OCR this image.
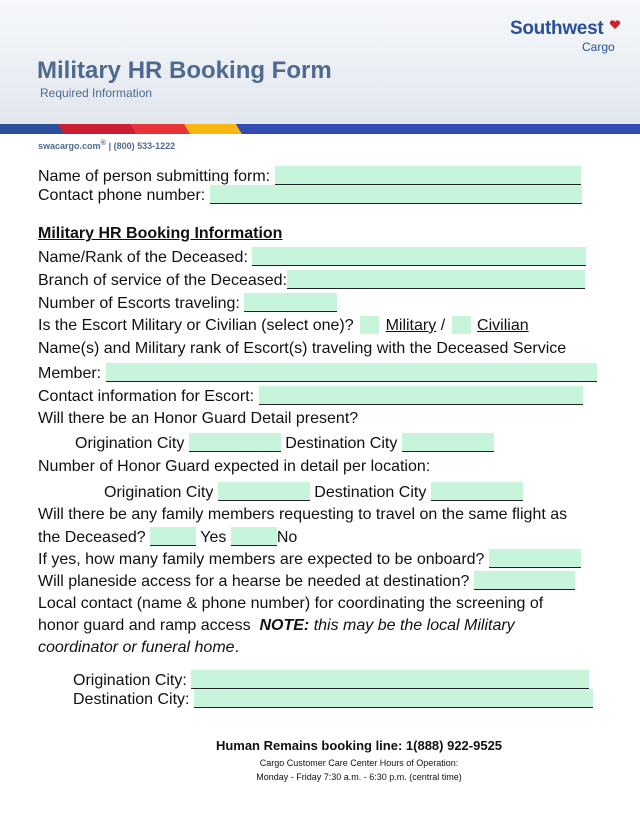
Military HR Booking Form
Required Information
Southwest
Cargo
swacargo.com® | (800) 533-1222
Name of person submitting form:
Contact phone number:
Military HR Booking Information
Name/Rank of the Deceased:
Branch of service of the Deceased:
Number of Escorts traveling:
Is the Escort Military or Civilian (select one)? Military / Civilian
Name(s) and Military rank of Escort(s) traveling with the Deceased Service
Member:
Contact information for Escort:
Will there be an Honor Guard Detail present?
Origination City	Destination City
Number of Honor Guard expected in detail per location:
Origination City	Destination City
Will there be any family members requesting to travel on the same flight as
the Deceased?	Yes	No
If yes, how many family members are expected to be onboard?
Will planeside access for a hearse be needed at destination?
Local contact (name & phone number) for coordinating the screening of
honor guard and ramp access NOTE: this may be the local Military
coordinator or funeral home.
Origination City:
Destination City:
Human Remains booking line: 1(888) 922-9525
Cargo Customer Care Center Hours of Operation:
Monday - Friday 7:30 a.m. - 6:30 p.m. (central time)
